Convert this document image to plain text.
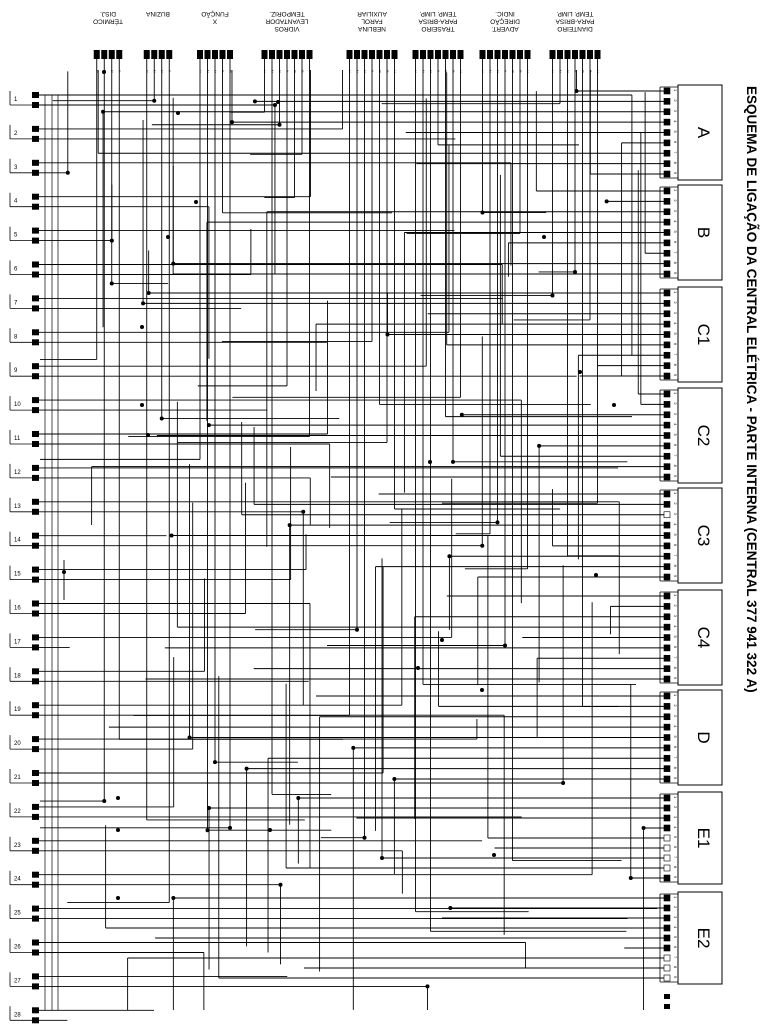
1
2
3
4
5
6
7
8
9
10
11
12
13
14
15
16
17
18
19
20
21
22
23
24
25
26
27
28
DISJ.
TÉRMICO
1 2 3 4
BUZINA
1 2 3 4
FUNÇÃO
X
1 2 3 4 5
TEMPORIZ.
LEVANTADOR
VIDROS
1 2 3 4 5 6 7
AUXILIAR
FAROL
NEBLINA
1 2 3 4 5 6 7
TEMP. LIMP.
PARA-BRISA
TRASEIRO
1 2 3 4 5 6 7
INDIC.
DIREÇÃO
ADVERT.
1 2 3 4 5 6 7
TEMP. LIMP.
PARA-BRISA
DIANTEIRO
1 2 3 4 5 6 7
A
1
2
3
4
5
6
7
8
9
B
1
2
3
4
5
6
7
8
9
C1
1
2
3
4
5
6
7
8
9
C2
1
2
3
4
5
6
7
8
9
C3
1
2
3
4
5
6
7
8
9
C4
1
2
3
4
5
6
7
8
9
D
1
2
3
4
5
6
7
8
9
E1
1
2
3
4
5
6
7
8
9
E2
1
2
3
4
5
6
7
8
9
ESQUEMA DE LIGAÇÃO DA CENTRAL ELÉTRICA - PARTE INTERNA (CENTRAL 377 941 322 A)
